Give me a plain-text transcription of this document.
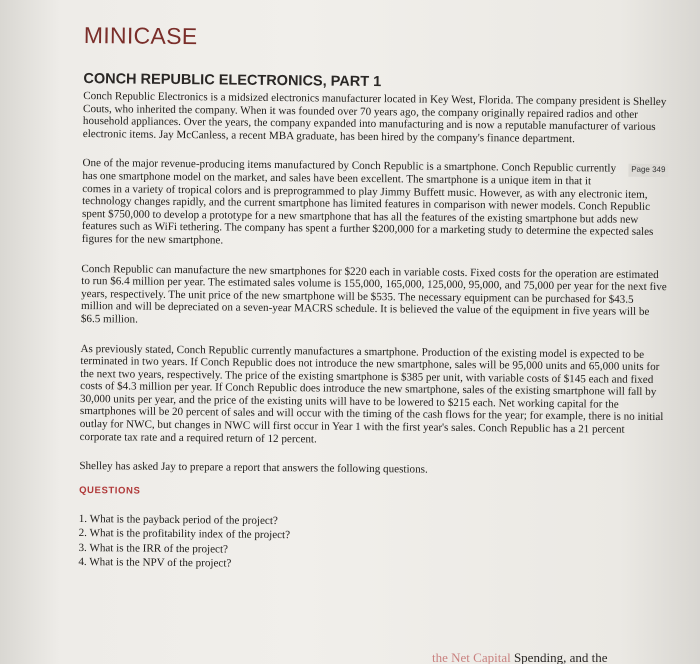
MINICASE
CONCH REPUBLIC ELECTRONICS, PART 1

Conch Republic Electronics is a midsized electronics manufacturer located in Key West, Florida. The company president is Shelley Couts, who inherited the company. When it was founded over 70 years ago, the company originally repaired radios and other household appliances. Over the years, the company expanded into manufacturing and is now a reputable manufacturer of various electronic items. Jay McCanless, a recent MBA graduate, has been hired by the company's finance department.

Page 349
One of the major revenue-producing items manufactured by Conch Republic is a smartphone. Conch Republic currently has one smartphone model on the market, and sales have been excellent. The smartphone is a unique item in that it comes in a variety of tropical colors and is preprogrammed to play Jimmy Buffett music. However, as with any electronic item, technology changes rapidly, and the current smartphone has limited features in comparison with newer models. Conch Republic spent $750,000 to develop a prototype for a new smartphone that has all the features of the existing smartphone but adds new features such as WiFi tethering. The company has spent a further $200,000 for a marketing study to determine the expected sales figures for the new smartphone.

Conch Republic can manufacture the new smartphones for $220 each in variable costs. Fixed costs for the operation are estimated to run $6.4 million per year. The estimated sales volume is 155,000, 165,000, 125,000, 95,000, and 75,000 per year for the next five years, respectively. The unit price of the new smartphone will be $535. The necessary equipment can be purchased for $43.5 million and will be depreciated on a seven-year MACRS schedule. It is believed the value of the equipment in five years will be $6.5 million.

As previously stated, Conch Republic currently manufactures a smartphone. Production of the existing model is expected to be terminated in two years. If Conch Republic does not introduce the new smartphone, sales will be 95,000 units and 65,000 units for the next two years, respectively. The price of the existing smartphone is $385 per unit, with variable costs of $145 each and fixed costs of $4.3 million per year. If Conch Republic does introduce the new smartphone, sales of the existing smartphone will fall by 30,000 units per year, and the price of the existing units will have to be lowered to $215 each. Net working capital for the smartphones will be 20 percent of sales and will occur with the timing of the cash flows for the year; for example, there is no initial outlay for NWC, but changes in NWC will first occur in Year 1 with the first year's sales. Conch Republic has a 21 percent corporate tax rate and a required return of 12 percent.

Shelley has asked Jay to prepare a report that answers the following questions.

QUESTIONS
1. What is the payback period of the project?
2. What is the profitability index of the project?
3. What is the IRR of the project?
4. What is the NPV of the project?
the Net Capital Spending, and the
